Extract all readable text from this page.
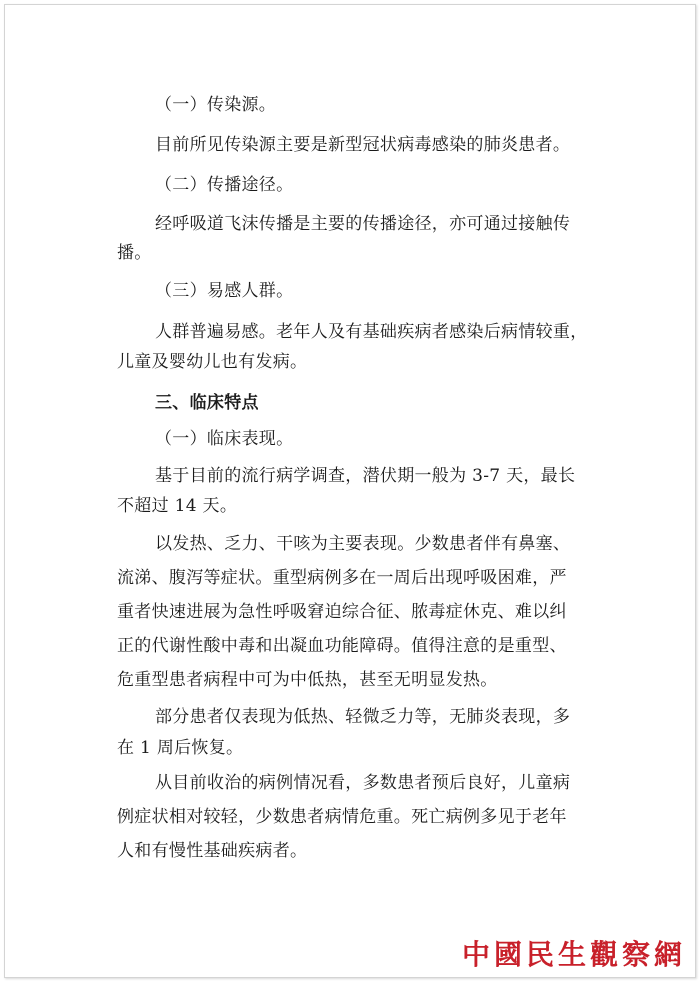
（一）传染源。

目前所见传染源主要是新型冠状病毒感染的肺炎患者。

（二）传播途径。

经呼吸道飞沫传播是主要的传播途径，亦可通过接触传

播。

（三）易感人群。

人群普遍易感。老年人及有基础疾病者感染后病情较重，

儿童及婴幼儿也有发病。

三、临床特点

（一）临床表现。

基于目前的流行病学调查，潜伏期一般为 3-7 天，最长

不超过 14 天。

以发热、乏力、干咳为主要表现。少数患者伴有鼻塞、

流涕、腹泻等症状。重型病例多在一周后出现呼吸困难，严

重者快速进展为急性呼吸窘迫综合征、脓毒症休克、难以纠

正的代谢性酸中毒和出凝血功能障碍。值得注意的是重型、

危重型患者病程中可为中低热，甚至无明显发热。

部分患者仅表现为低热、轻微乏力等，无肺炎表现，多

在 1 周后恢复。

从目前收治的病例情况看，多数患者预后良好，儿童病

例症状相对较轻，少数患者病情危重。死亡病例多见于老年

人和有慢性基础疾病者。

中國民生觀察網
